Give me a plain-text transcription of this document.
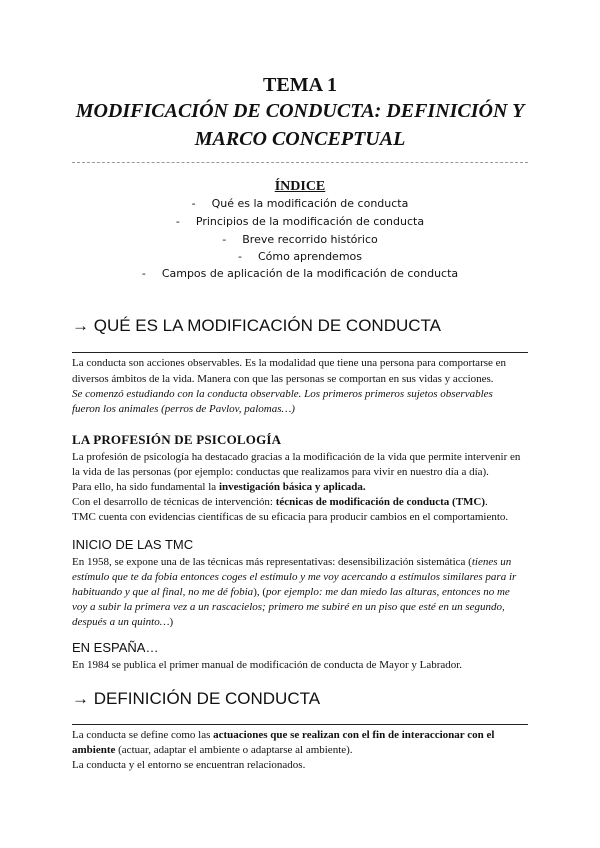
TEMA 1
MODIFICACIÓN DE CONDUCTA: DEFINICIÓN Y
MARCO CONCEPTUAL
ÍNDICE
- Qué es la modificación de conducta
- Principios de la modificación de conducta
- Breve recorrido histórico
- Cómo aprendemos
- Campos de aplicación de la modificación de conducta
→ QUÉ ES LA MODIFICACIÓN DE CONDUCTA
La conducta son acciones observables. Es la modalidad que tiene una persona para comportarse en
diversos ámbitos de la vida. Manera con que las personas se comportan en sus vidas y acciones.
Se comenzó estudiando con la conducta observable. Los primeros primeros sujetos observables
fueron los animales (perros de Pavlov, palomas…)
LA PROFESIÓN DE PSICOLOGÍA
La profesión de psicología ha destacado gracias a la modificación de la vida que permite intervenir en
la vida de las personas (por ejemplo: conductas que realizamos para vivir en nuestro día a día).
Para ello, ha sido fundamental la investigación básica y aplicada.
Con el desarrollo de técnicas de intervención: técnicas de modificación de conducta (TMC).
TMC cuenta con evidencias científicas de su eficacia para producir cambios en el comportamiento.
INICIO DE LAS TMC
En 1958, se expone una de las técnicas más representativas: desensibilización sistemática (tienes un
estímulo que te da fobia entonces coges el estímulo y me voy acercando a estímulos similares para ir
habituando y que al final, no me dé fobia), (por ejemplo: me dan miedo las alturas, entonces no me
voy a subir la primera vez a un rascacielos; primero me subiré en un piso que esté en un segundo,
después a un quinto…)
EN ESPAÑA…
En 1984 se publica el primer manual de modificación de conducta de Mayor y Labrador.
→ DEFINICIÓN DE CONDUCTA
La conducta se define como las actuaciones que se realizan con el fin de interaccionar con el
ambiente (actuar, adaptar el ambiente o adaptarse al ambiente).
La conducta y el entorno se encuentran relacionados.
